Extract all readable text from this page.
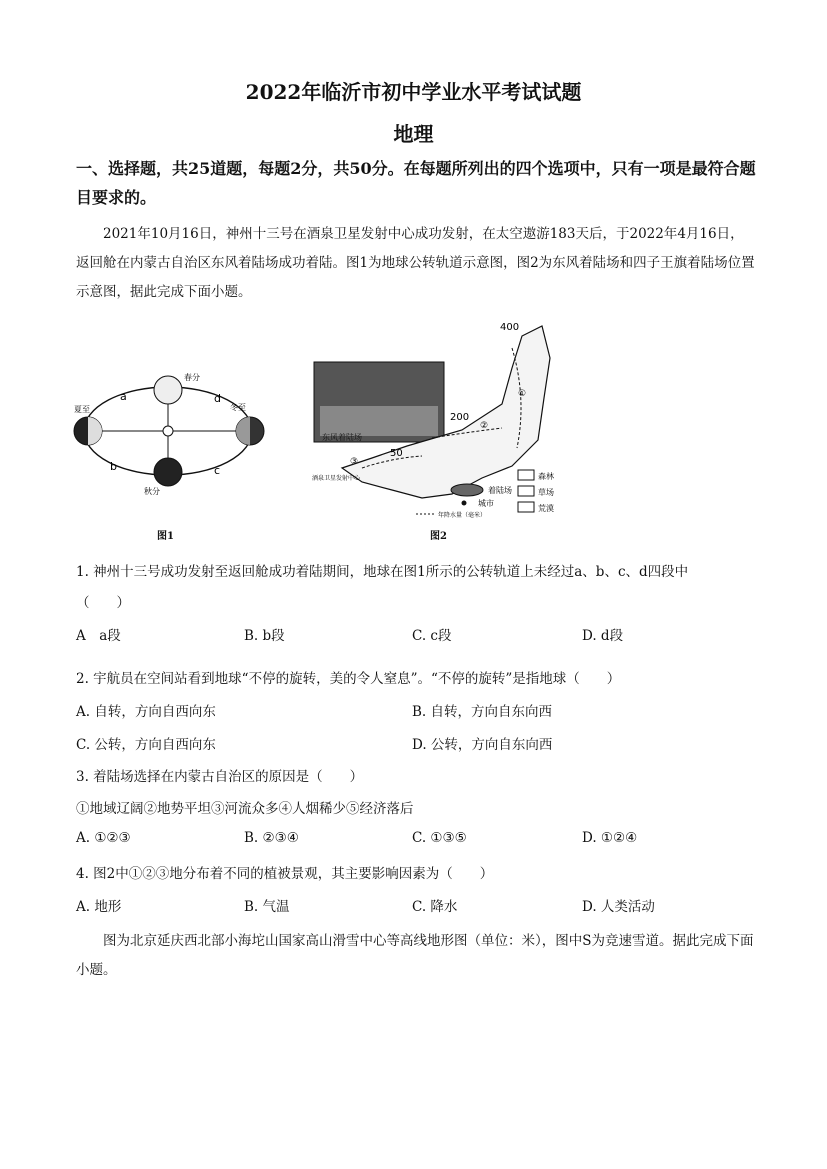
2022年临沂市初中学业水平考试试题
地理
一、选择题，共25道题，每题2分，共50分。在每题所列出的四个选项中，只有一项是最符合题目要求的。
2021年10月16日，神州十三号在酒泉卫星发射中心成功发射，在太空遨游183天后，于2022年4月16日，返回舱在内蒙古自治区东风着陆场成功着陆。图1为地球公转轨道示意图，图2为东风着陆场和四子王旗着陆场位置示意图，据此完成下面小题。
a	d
b	c
春分
夏至	冬至
秋分
图1
东风着陆场
400
200
50
①
②
③
酒泉卫星发射中心
着陆场
城市
年降水量（毫米）
森林
草场
荒漠
图2
1. 神州十三号成功发射至返回舱成功着陆期间，地球在图1所示的公转轨道上未经过a、b、c、d四段中
（　　）
A　a段	B. b段	C. c段	D. d段
2. 宇航员在空间站看到地球“不停的旋转，美的令人窒息”。“不停的旋转”是指地球（　　）
A. 自转，方向自西向东	B. 自转，方向自东向西
C. 公转，方向自西向东	D. 公转，方向自东向西
3. 着陆场选择在内蒙古自治区的原因是（　　）
①地域辽阔②地势平坦③河流众多④人烟稀少⑤经济落后
A. ①②③	B. ②③④	C. ①③⑤	D. ①②④
4. 图2中①②③地分布着不同的植被景观，其主要影响因素为（　　）
A. 地形	B. 气温	C. 降水	D. 人类活动
图为北京延庆西北部小海坨山国家高山滑雪中心等高线地形图（单位：米），图中S为竞速雪道。据此完成下面小题。
